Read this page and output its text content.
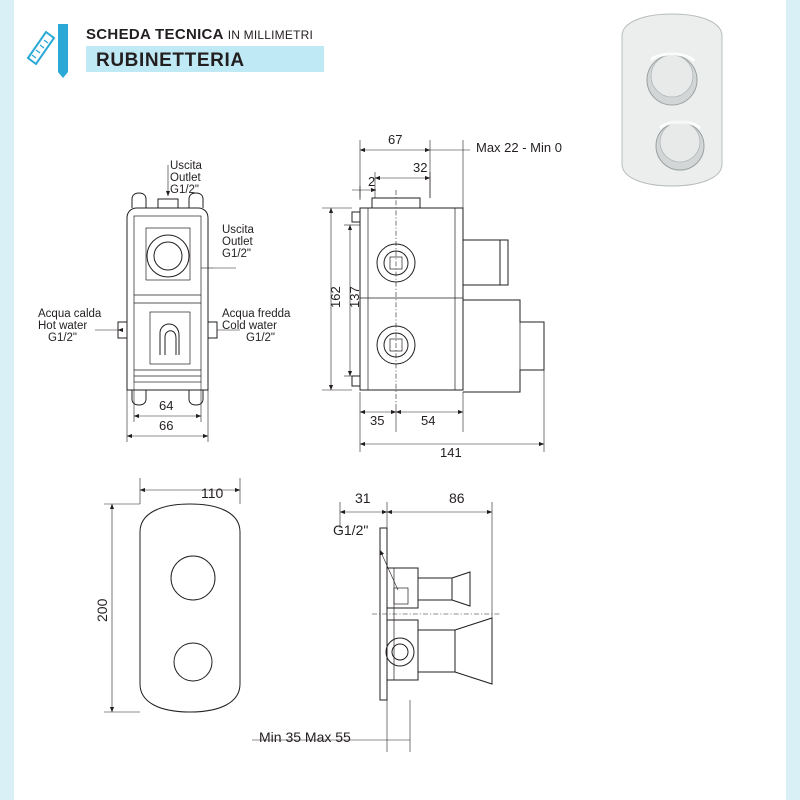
SCHEDA TECNICA IN MILLIMETRI
RUBINETTERIA
Uscita
Outlet
G1/2"
Uscita
Outlet
G1/2"
Acqua calda
Hot water
G1/2"
Acqua fredda
Cold water
G1/2"
64
66
67
32
2
Max 22 - Min 0
162 137
35	54
141
110
200
31	86
G1/2"
Min 35 Max 55
